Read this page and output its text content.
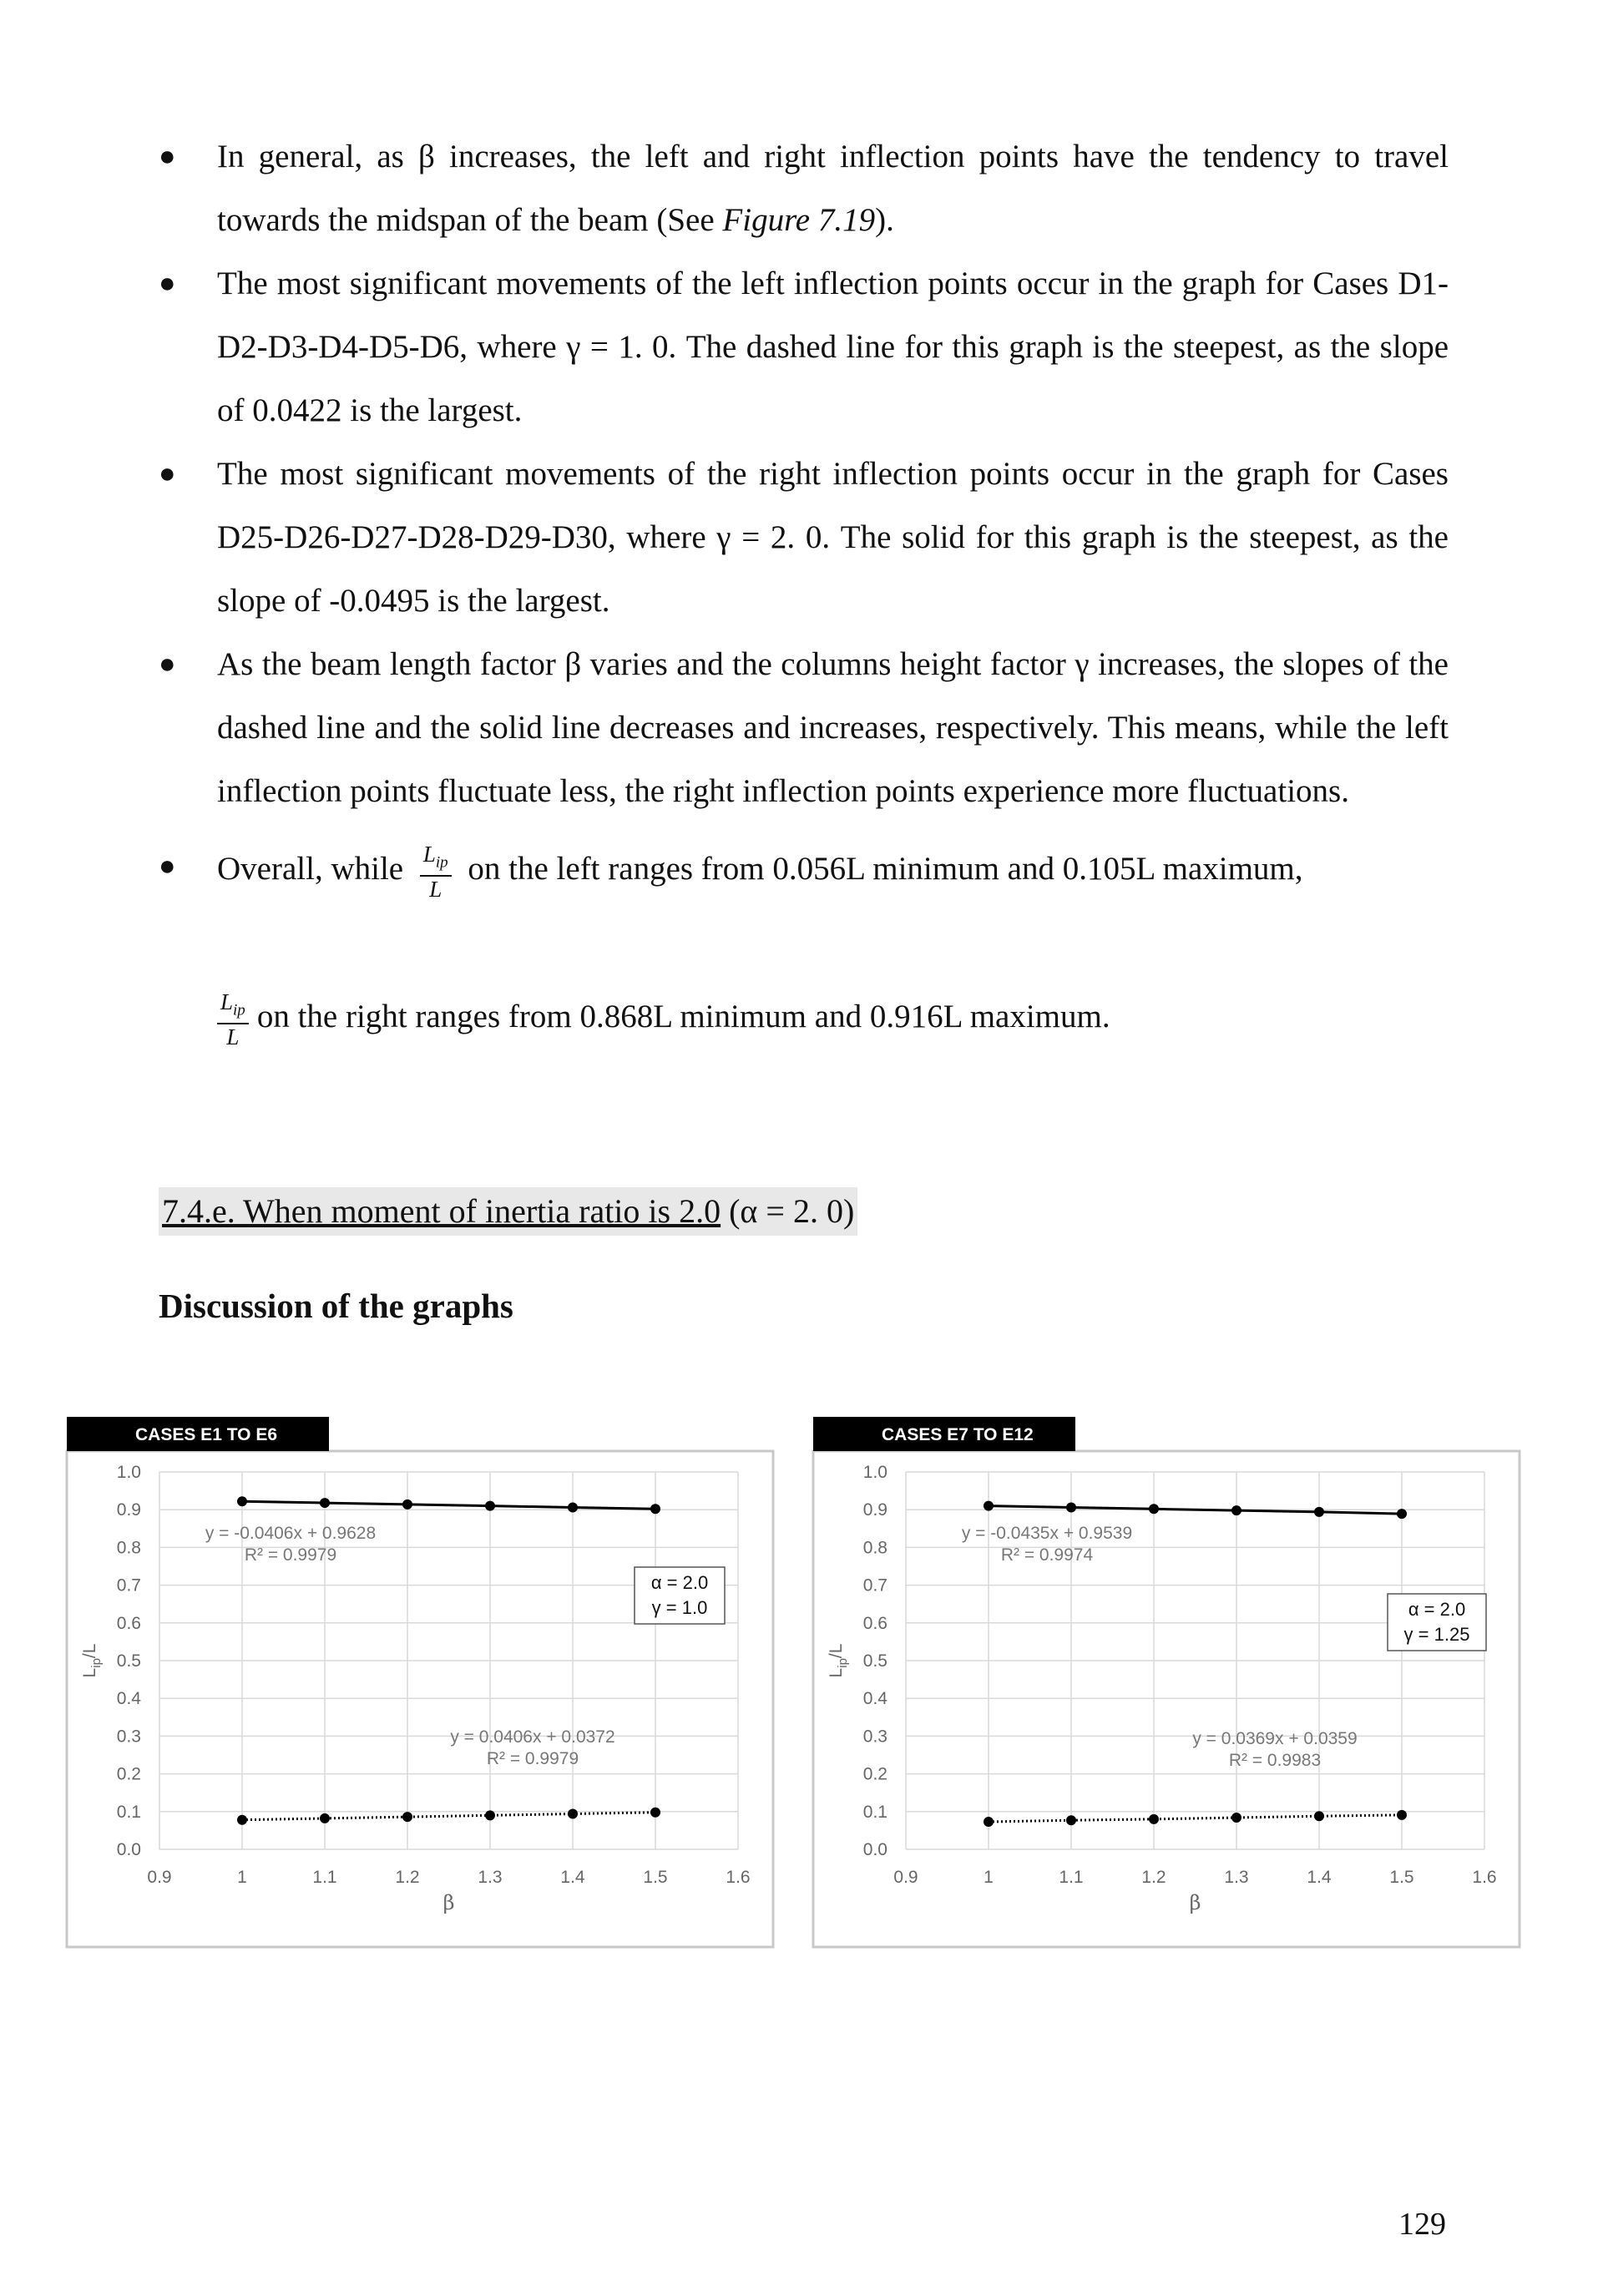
● In general, as β increases, the left and right inflection points have the tendency to travel towards the midspan of the beam (See Figure 7.19).
● The most significant movements of the left inflection points occur in the graph for Cases D1-D2-D3-D4-D5-D6, where γ = 1. 0. The dashed line for this graph is the steepest, as the slope of 0.0422 is the largest.
● The most significant movements of the right inflection points occur in the graph for Cases D25-D26-D27-D28-D29-D30, where γ = 2. 0. The solid for this graph is the steepest, as the slope of -0.0495 is the largest.
● As the beam length factor β varies and the columns height factor γ increases, the slopes of the dashed line and the solid line decreases and increases, respectively. This means, while the left inflection points fluctuate less, the right inflection points experience more fluctuations.
● Overall, while $\frac{L_{ip}}{L}$ on the left ranges from 0.056L minimum and 0.105L maximum,
$\frac{L_{ip}}{L}$ on the right ranges from 0.868L minimum and 0.916L maximum.
7.4.e. When moment of inertia ratio is 2.0 (α = 2. 0)
Discussion of the graphs
CASES E1 TO E6
0.0
0.1
0.2
0.3
0.4
0.5
0.6
0.7
0.8
0.9
1.0
0.9	1	1.1	1.2	1.3	1.4	1.5	1.6
β
$L_{ip}/L$
y = -0.0406x + 0.9628
R² = 0.9979
y = 0.0406x + 0.0372
R² = 0.9979
α = 2.0
γ = 1.0
CASES E7 TO E12
0.0
0.1
0.2
0.3
0.4
0.5
0.6
0.7
0.8
0.9
1.0
0.9	1	1.1	1.2	1.3	1.4	1.5	1.6
β
$L_{ip}/L$
y = -0.0435x + 0.9539
R² = 0.9974
y = 0.0369x + 0.0359
R² = 0.9983
α = 2.0
γ = 1.25
129
